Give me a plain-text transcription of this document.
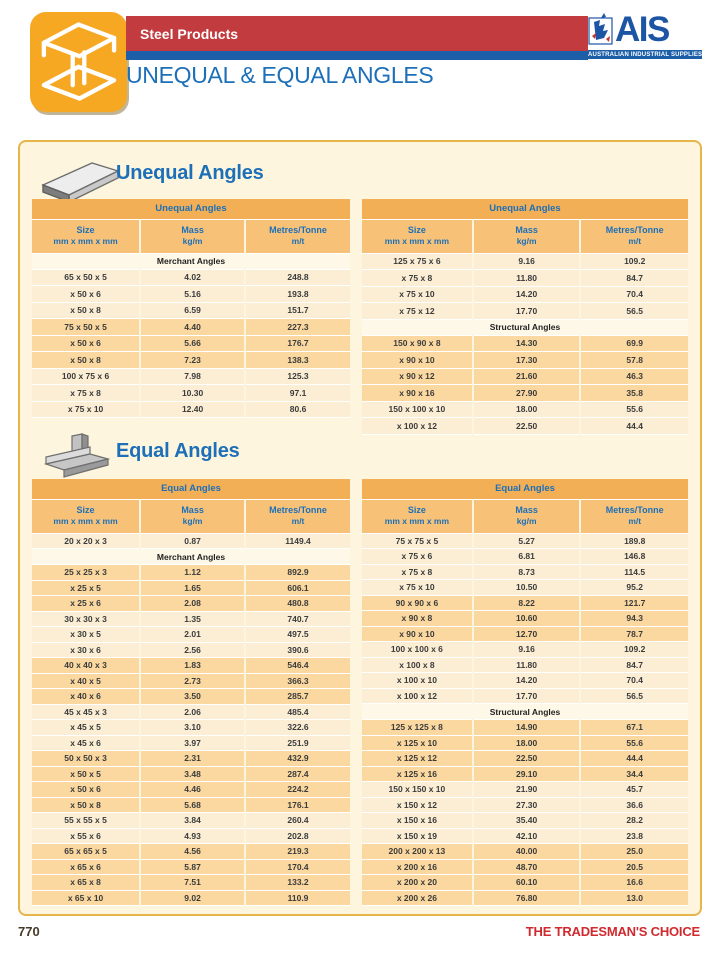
Steel Products
UNEQUAL & EQUAL ANGLES
AIS
AUSTRALIAN INDUSTRIAL SUPPLIES
Unequal Angles
Unequal Angles		

Size
mm x mm x mm

Mass
kg/m

Metres/Tonne
m/t

Merchant Angles		
65 x 50 x 5	4.02	248.8
x 50 x 6	5.16	193.8
x 50 x 8	6.59	151.7
75 x 50 x 5	4.40	227.3
x 50 x 6	5.66	176.7
x 50 x 8	7.23	138.3
100 x 75 x 6	7.98	125.3
x 75 x 8	10.30	97.1
x 75 x 10	12.40	80.6
Unequal Angles		

Size
mm x mm x mm

Mass
kg/m

Metres/Tonne
m/t

125 x 75 x 6	9.16	109.2
x 75 x 8	11.80	84.7
x 75 x 10	14.20	70.4
x 75 x 12	17.70	56.5
Structural Angles		
150 x 90 x 8	14.30	69.9
x 90 x 10	17.30	57.8
x 90 x 12	21.60	46.3
x 90 x 16	27.90	35.8
150 x 100 x 10	18.00	55.6
x 100 x 12	22.50	44.4
Equal Angles
Equal Angles		

Size
mm x mm x mm

Mass
kg/m

Metres/Tonne
m/t

20 x 20 x 3	0.87	1149.4
Merchant Angles		
25 x 25 x 3	1.12	892.9
x 25 x 5	1.65	606.1
x 25 x 6	2.08	480.8
30 x 30 x 3	1.35	740.7
x 30 x 5	2.01	497.5
x 30 x 6	2.56	390.6
40 x 40 x 3	1.83	546.4
x 40 x 5	2.73	366.3
x 40 x 6	3.50	285.7
45 x 45 x 3	2.06	485.4
x 45 x 5	3.10	322.6
x 45 x 6	3.97	251.9
50 x 50 x 3	2.31	432.9
x 50 x 5	3.48	287.4
x 50 x 6	4.46	224.2
x 50 x 8	5.68	176.1
55 x 55 x 5	3.84	260.4
x 55 x 6	4.93	202.8
65 x 65 x 5	4.56	219.3
x 65 x 6	5.87	170.4
x 65 x 8	7.51	133.2
x 65 x 10	9.02	110.9
Equal Angles		

Size
mm x mm x mm

Mass
kg/m

Metres/Tonne
m/t

75 x 75 x 5	5.27	189.8
x 75 x 6	6.81	146.8
x 75 x 8	8.73	114.5
x 75 x 10	10.50	95.2
90 x 90 x 6	8.22	121.7
x 90 x 8	10.60	94.3
x 90 x 10	12.70	78.7
100 x 100 x 6	9.16	109.2
x 100 x 8	11.80	84.7
x 100 x 10	14.20	70.4
x 100 x 12	17.70	56.5
Structural Angles		
125 x 125 x 8	14.90	67.1
x 125 x 10	18.00	55.6
x 125 x 12	22.50	44.4
x 125 x 16	29.10	34.4
150 x 150 x 10	21.90	45.7
x 150 x 12	27.30	36.6
x 150 x 16	35.40	28.2
x 150 x 19	42.10	23.8
200 x 200 x 13	40.00	25.0
x 200 x 16	48.70	20.5
x 200 x 20	60.10	16.6
x 200 x 26	76.80	13.0
770	THE TRADESMAN'S CHOICE
